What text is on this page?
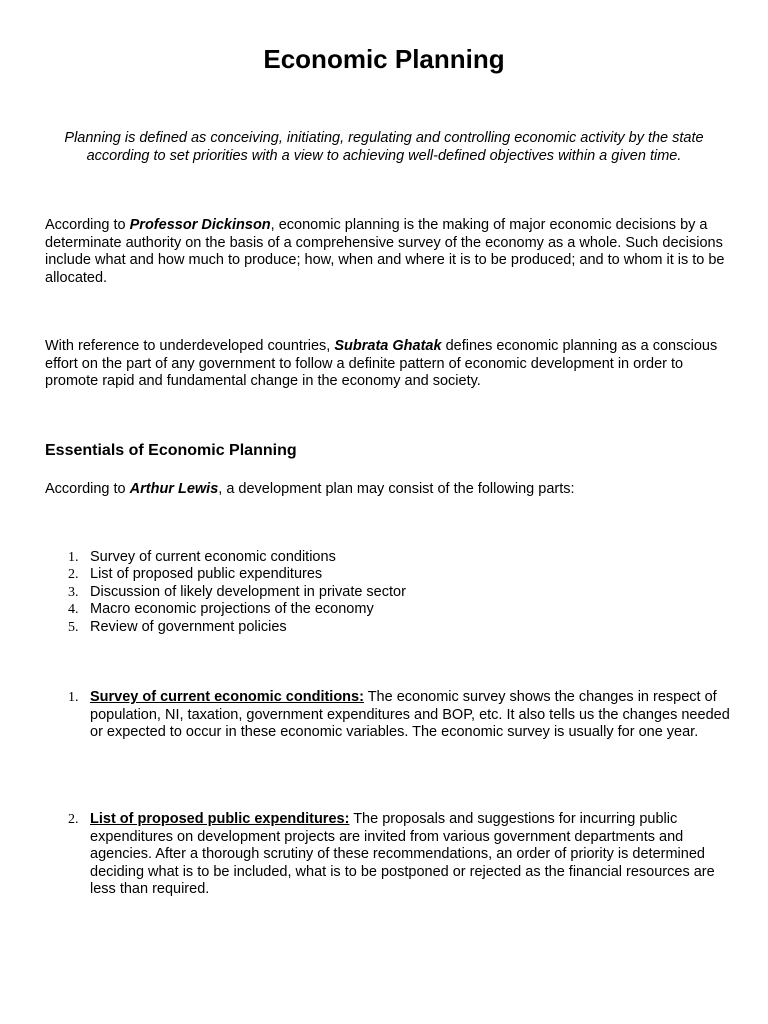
Economic Planning

Planning is defined as conceiving, initiating, regulating and controlling economic activity by the state according to set priorities with a view to achieving well-defined objectives within a given time.

According to Professor Dickinson, economic planning is the making of major economic decisions by a determinate authority on the basis of a comprehensive survey of the economy as a whole. Such decisions include what and how much to produce; how, when and where it is to be produced; and to whom it is to be allocated.

With reference to underdeveloped countries, Subrata Ghatak defines economic planning as a conscious effort on the part of any government to follow a definite pattern of economic development in order to promote rapid and fundamental change in the economy and society.

Essentials of Economic Planning

According to Arthur Lewis, a development plan may consist of the following parts:

1. Survey of current economic conditions
2. List of proposed public expenditures
3. Discussion of likely development in private sector
4. Macro economic projections of the economy
5. Review of government policies
1. Survey of current economic conditions: The economic survey shows the changes in respect of population, NI, taxation, government expenditures and BOP, etc. It also tells us the changes needed or expected to occur in these economic variables. The economic survey is usually for one year.
2. List of proposed public expenditures: The proposals and suggestions for incurring public expenditures on development projects are invited from various government departments and agencies. After a thorough scrutiny of these recommendations, an order of priority is determined deciding what is to be included, what is to be postponed or rejected as the financial resources are less than required.
